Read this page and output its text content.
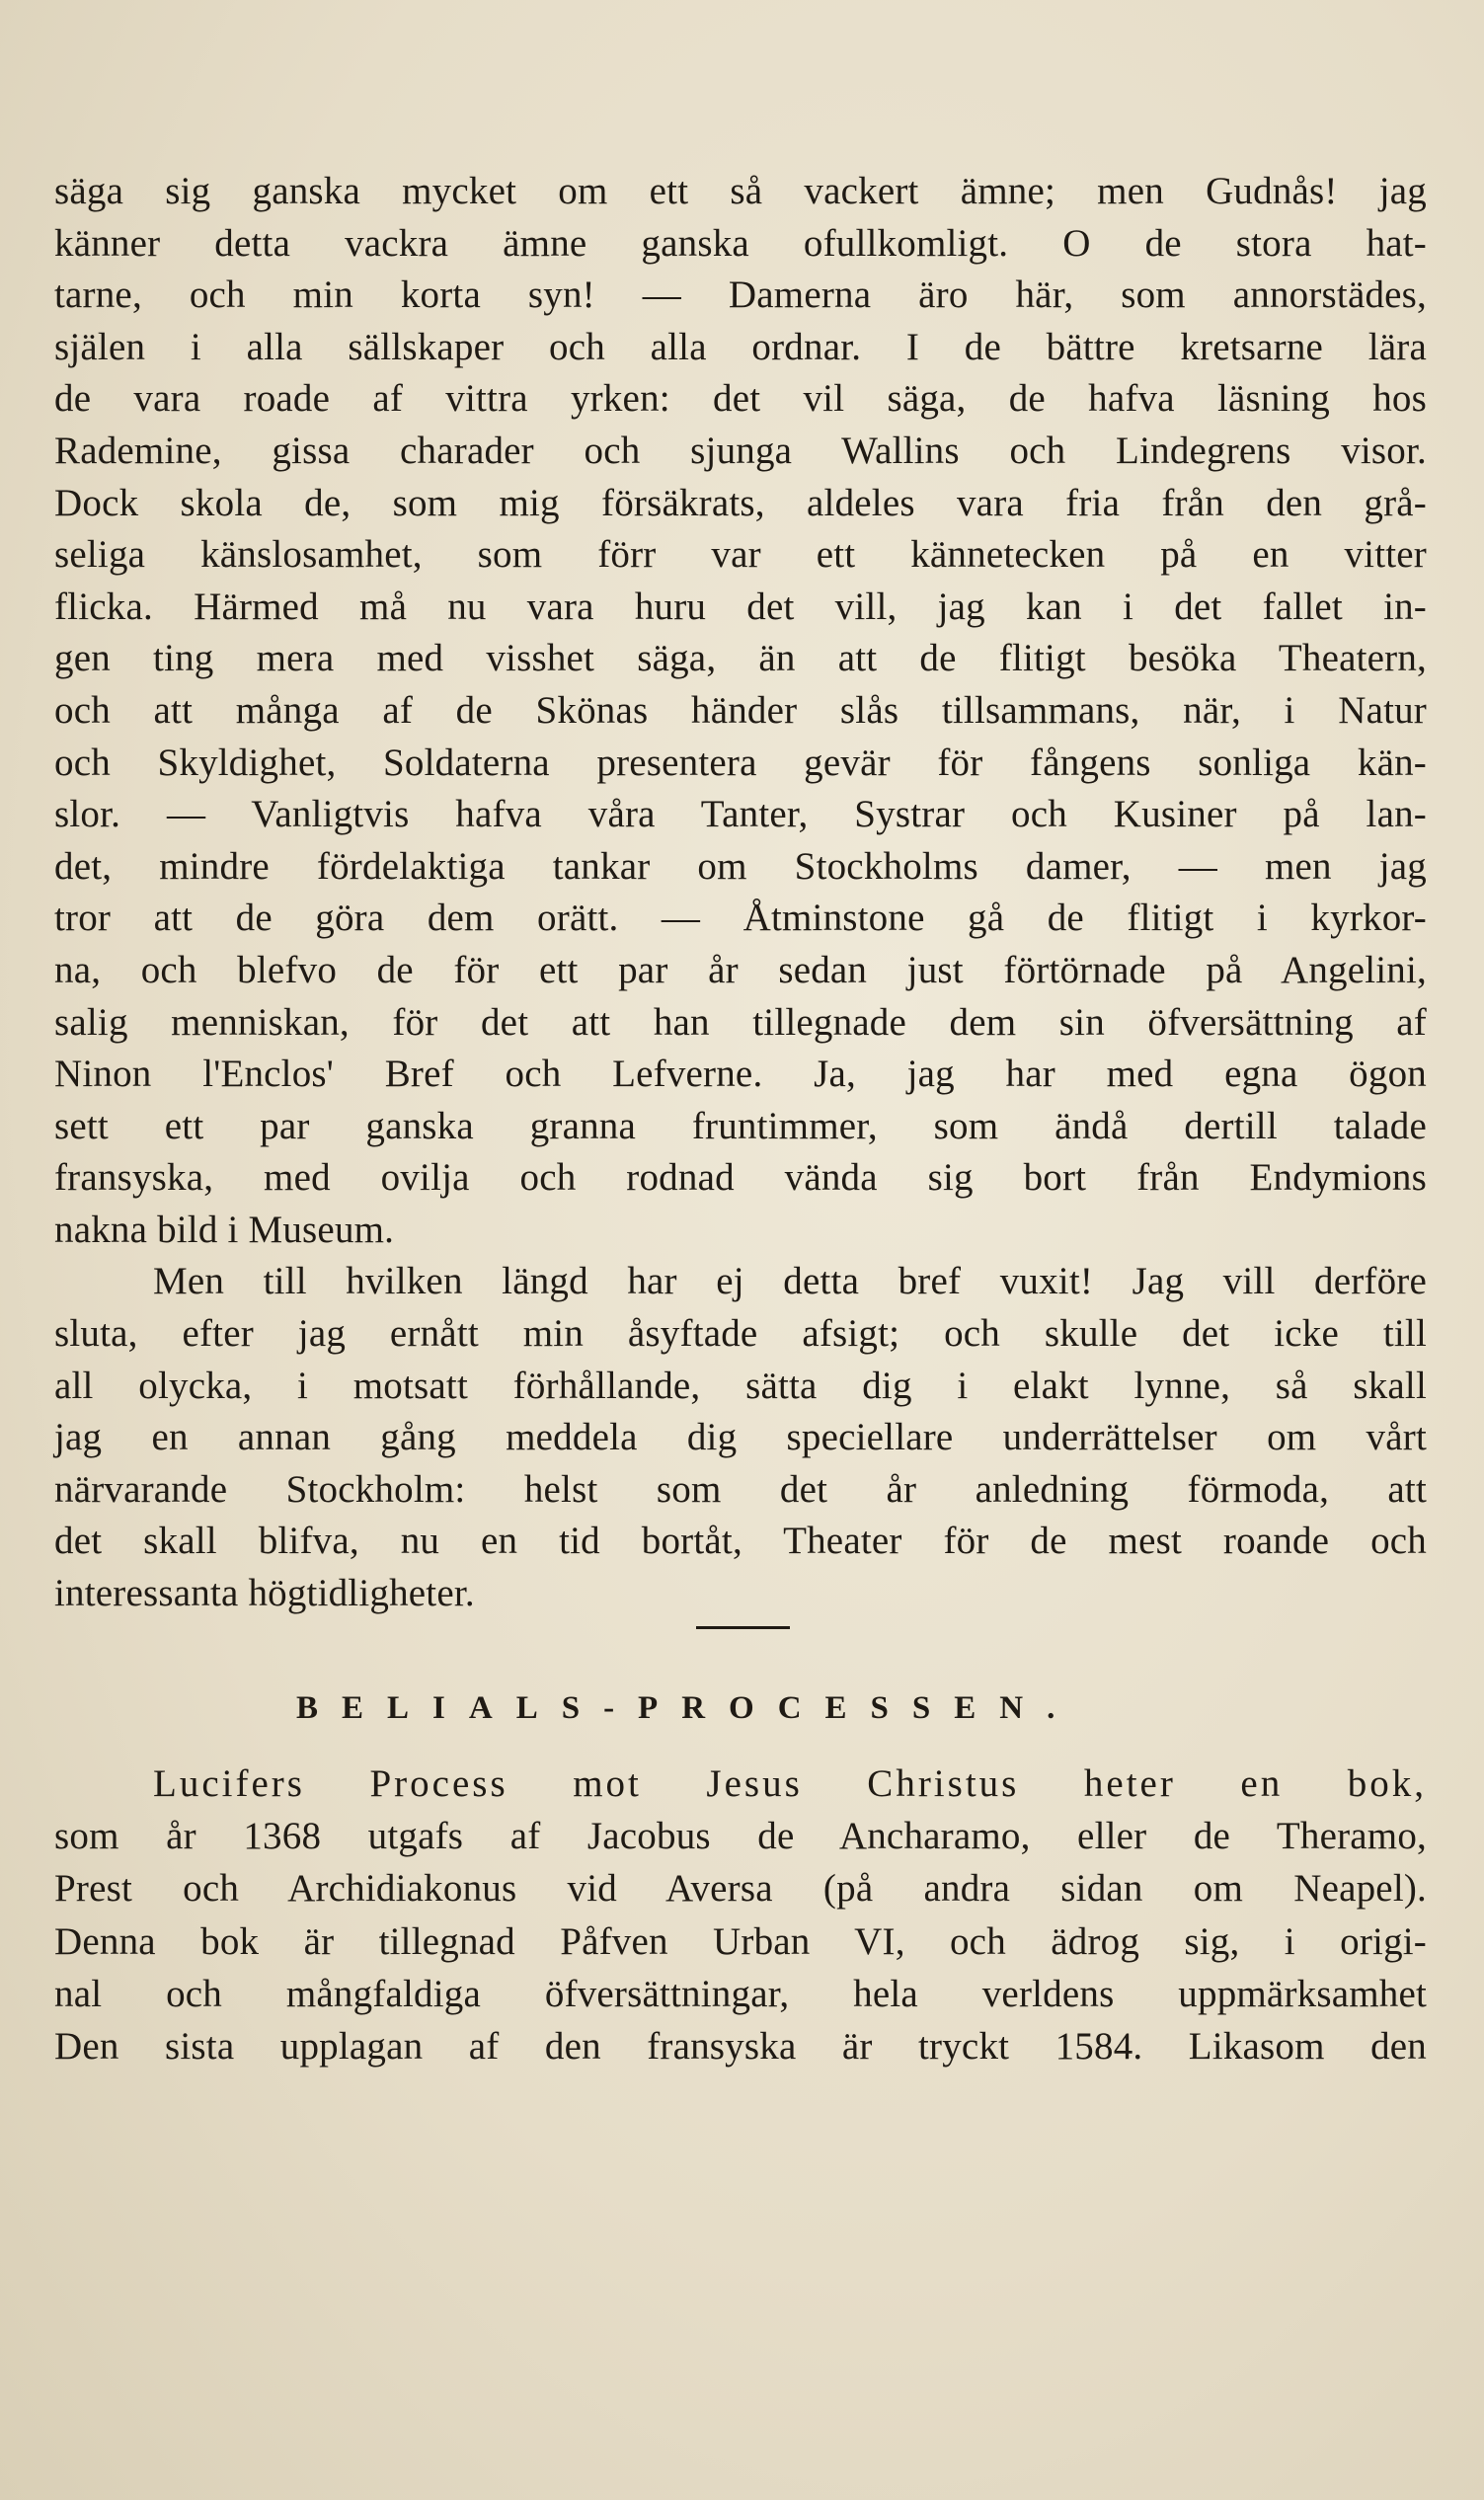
säga sig ganska mycket om ett så vackert ämne; men Gudnås! jag
känner detta vackra ämne ganska ofullkomligt. O de stora hat-
tarne, och min korta syn! — Damerna äro här, som annorstädes,
själen i alla sällskaper och alla ordnar. I de bättre kretsarne lära
de vara roade af vittra yrken: det vil säga, de hafva läsning hos
Rademine, gissa charader och sjunga Wallins och Lindegrens visor.
Dock skola de, som mig försäkrats, aldeles vara fria från den grå-
seliga känslosamhet, som förr var ett kännetecken på en vitter
flicka. Härmed må nu vara huru det vill, jag kan i det fallet in-
gen ting mera med visshet säga, än att de flitigt besöka Theatern,
och att många af de Skönas händer slås tillsammans, när, i Natur
och Skyldighet, Soldaterna presentera gevär för fångens sonliga kän-
slor. — Vanligtvis hafva våra Tanter, Systrar och Kusiner på lan-
det, mindre fördelaktiga tankar om Stockholms damer, — men jag
tror att de göra dem orätt. — Åtminstone gå de flitigt i kyrkor-
na, och blefvo de för ett par år sedan just förtörnade på Angelini,
salig menniskan, för det att han tillegnade dem sin öfversättning af
Ninon l'Enclos' Bref och Lefverne. Ja, jag har med egna ögon
sett ett par ganska granna fruntimmer, som ändå dertill talade
fransyska, med ovilja och rodnad vända sig bort från Endymions
nakna bild i Museum.
Men till hvilken längd har ej detta bref vuxit! Jag vill derföre
sluta, efter jag ernått min åsyftade afsigt; och skulle det icke till
all olycka, i motsatt förhållande, sätta dig i elakt lynne, så skall
jag en annan gång meddela dig speciellare underrättelser om vårt
närvarande Stockholm: helst som det år anledning förmoda, att
det skall blifva, nu en tid bortåt, Theater för de mest roande och
interessanta högtidligheter.
BELIALS-PROCESSEN.
Lucifers Process mot Jesus Christus heter en bok,
som år 1368 utgafs af Jacobus de Ancharamo, eller de Theramo,
Prest och Archidiakonus vid Aversa (på andra sidan om Neapel).
Denna bok är tillegnad Påfven Urban VI, och ädrog sig, i origi-
nal och mångfaldiga öfversättningar, hela verldens uppmärksamhet
Den sista upplagan af den fransyska är tryckt 1584. Likasom den
